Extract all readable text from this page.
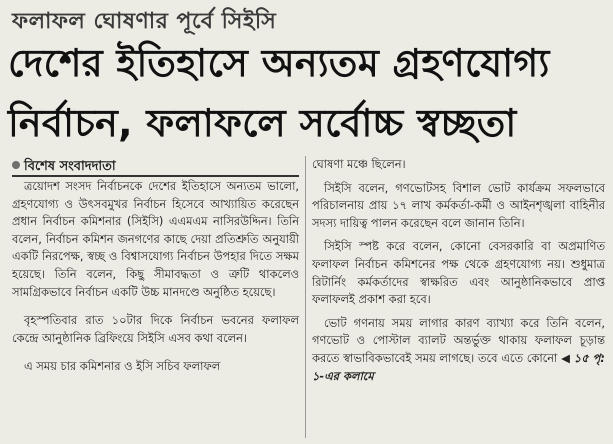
ফলাফল ঘোষণার পূর্বে সিইসি
দেশের ইতিহাসে অন্যতম গ্রহণযোগ্য
নির্বাচন, ফলাফলে সর্বোচ্চ স্বচ্ছতা
বিশেষ সংবাদদাতা

ত্রয়োদশ সংসদ নির্বাচনকে দেশের ইতিহাসে অন্যতম ভালো, গ্রহণযোগ্য ও উৎসবমুখর নির্বাচন হিসেবে আখ্যায়িত করেছেন প্রধান নির্বাচন কমিশনার (সিইসি) এএমএম নাসিরউদ্দিন। তিনি বলেন, নির্বাচন কমিশন জনগণের কাছে দেয়া প্রতিশ্রুতি অনুযায়ী একটি নিরপেক্ষ, স্বচ্ছ ও বিশ্বাসযোগ্য নির্বাচন উপহার দিতে সক্ষম হয়েছে। তিনি বলেন, কিছু সীমাবদ্ধতা ও ত্রুটি থাকলেও সামগ্রিকভাবে নির্বাচন একটি উচ্চ মানদণ্ডে অনুষ্ঠিত হয়েছে।

বৃহস্পতিবার রাত ১০টার দিকে নির্বাচন ভবনের ফলাফল কেন্দ্রে আনুষ্ঠানিক ব্রিফিংয়ে সিইসি এসব কথা বলেন।

এ সময় চার কমিশনার ও ইসি সচিব ফলাফল

ঘোষণা মঞ্চে ছিলেন।

সিইসি বলেন, গণভোটসহ বিশাল ভোট কার্যক্রম সফলভাবে পরিচালনায় প্রায় ১৭ লাখ কর্মকর্তা-কর্মী ও আইনশৃঙ্খলা বাহিনীর সদস্য দায়িত্ব পালন করেছেন বলে জানান তিনি।

সিইসি স্পষ্ট করে বলেন, কোনো বেসরকারি বা অপ্রমাণিত ফলাফল নির্বাচন কমিশনের পক্ষ থেকে গ্রহণযোগ্য নয়। শুধুমাত্র রিটার্নিং কর্মকর্তাদের স্বাক্ষরিত এবং আনুষ্ঠানিকভাবে প্রাপ্ত ফলাফলই প্রকাশ করা হবে।

ভোট গণনায় সময় লাগার কারণ ব্যাখ্যা করে তিনি বলেন, গণভোট ও পোস্টাল ব্যালট অন্তর্ভুক্ত থাকায় ফলাফল চূড়ান্ত করতে স্বাভাবিকভাবেই সময় লাগছে। তবে এতে কোনো ◀ ১৫ পৃ: ১-এর কলামে
